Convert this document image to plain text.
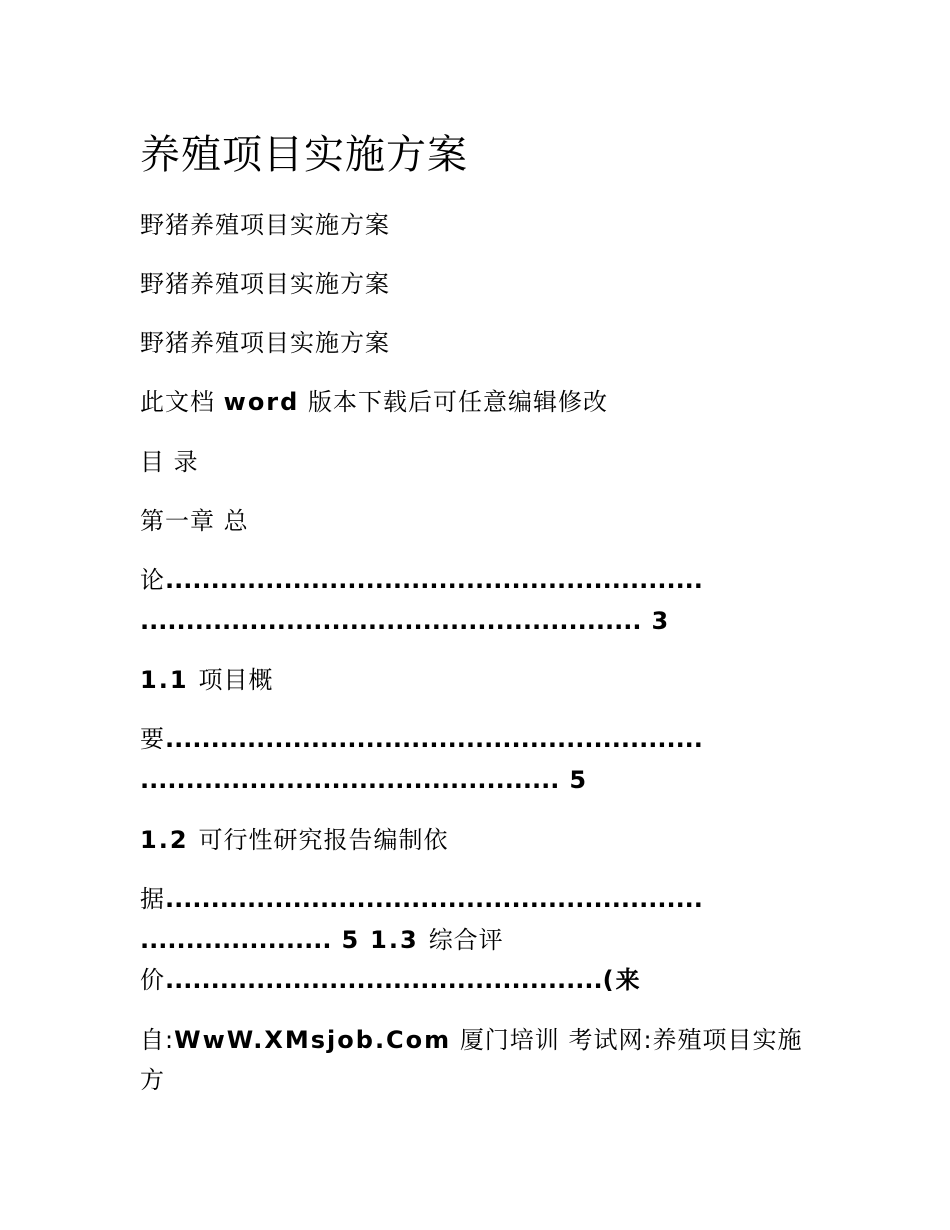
养殖项目实施方案
野猪养殖项目实施方案
野猪养殖项目实施方案
野猪养殖项目实施方案
此文档 word 版本下载后可任意编辑修改
目 录
第一章 总
论...........................................................
....................................................... 3
1.1 项目概
要...........................................................
.............................................. 5
1.2 可行性研究报告编制依
据...........................................................
..................... 5 1.3 综合评
价................................................(来
自:WwW.XMsjob.Com 厦门培训 考试网:养殖项目实施方
